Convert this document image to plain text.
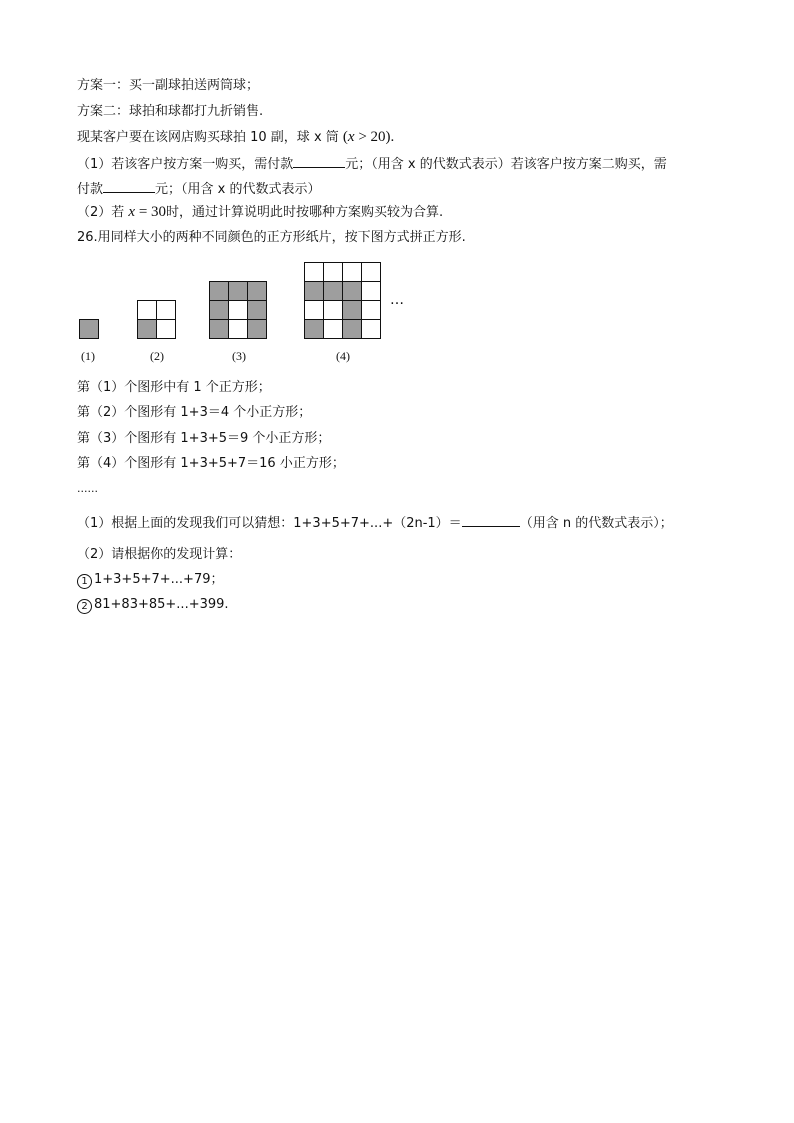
方案一：买一副球拍送两筒球；
方案二：球拍和球都打九折销售.
现某客户要在该网店购买球拍 10 副，球 x 筒 (x > 20).
（1）若该客户按方案一购买，需付款	元；（用含 x 的代数式表示）若该客户按方案二购买，需
付款	元；（用含 x 的代数式表示）
（2）若 x = 30时，通过计算说明此时按哪种方案购买较为合算.
26.用同样大小的两种不同颜色的正方形纸片，按下图方式拼正方形.
…
(1)	(2)	(3)	(4)
第（1）个图形中有 1 个正方形；
第（2）个图形有 1+3＝4 个小正方形；
第（3）个图形有 1+3+5＝9 个小正方形；
第（4）个图形有 1+3+5+7＝16 小正方形；
......
（1）根据上面的发现我们可以猜想：1+3+5+7+...+（2n-1）＝	（用含 n 的代数式表示）；
（2）请根据你的发现计算：
1 1+3+5+7+...+79；
2 81+83+85+...+399.
